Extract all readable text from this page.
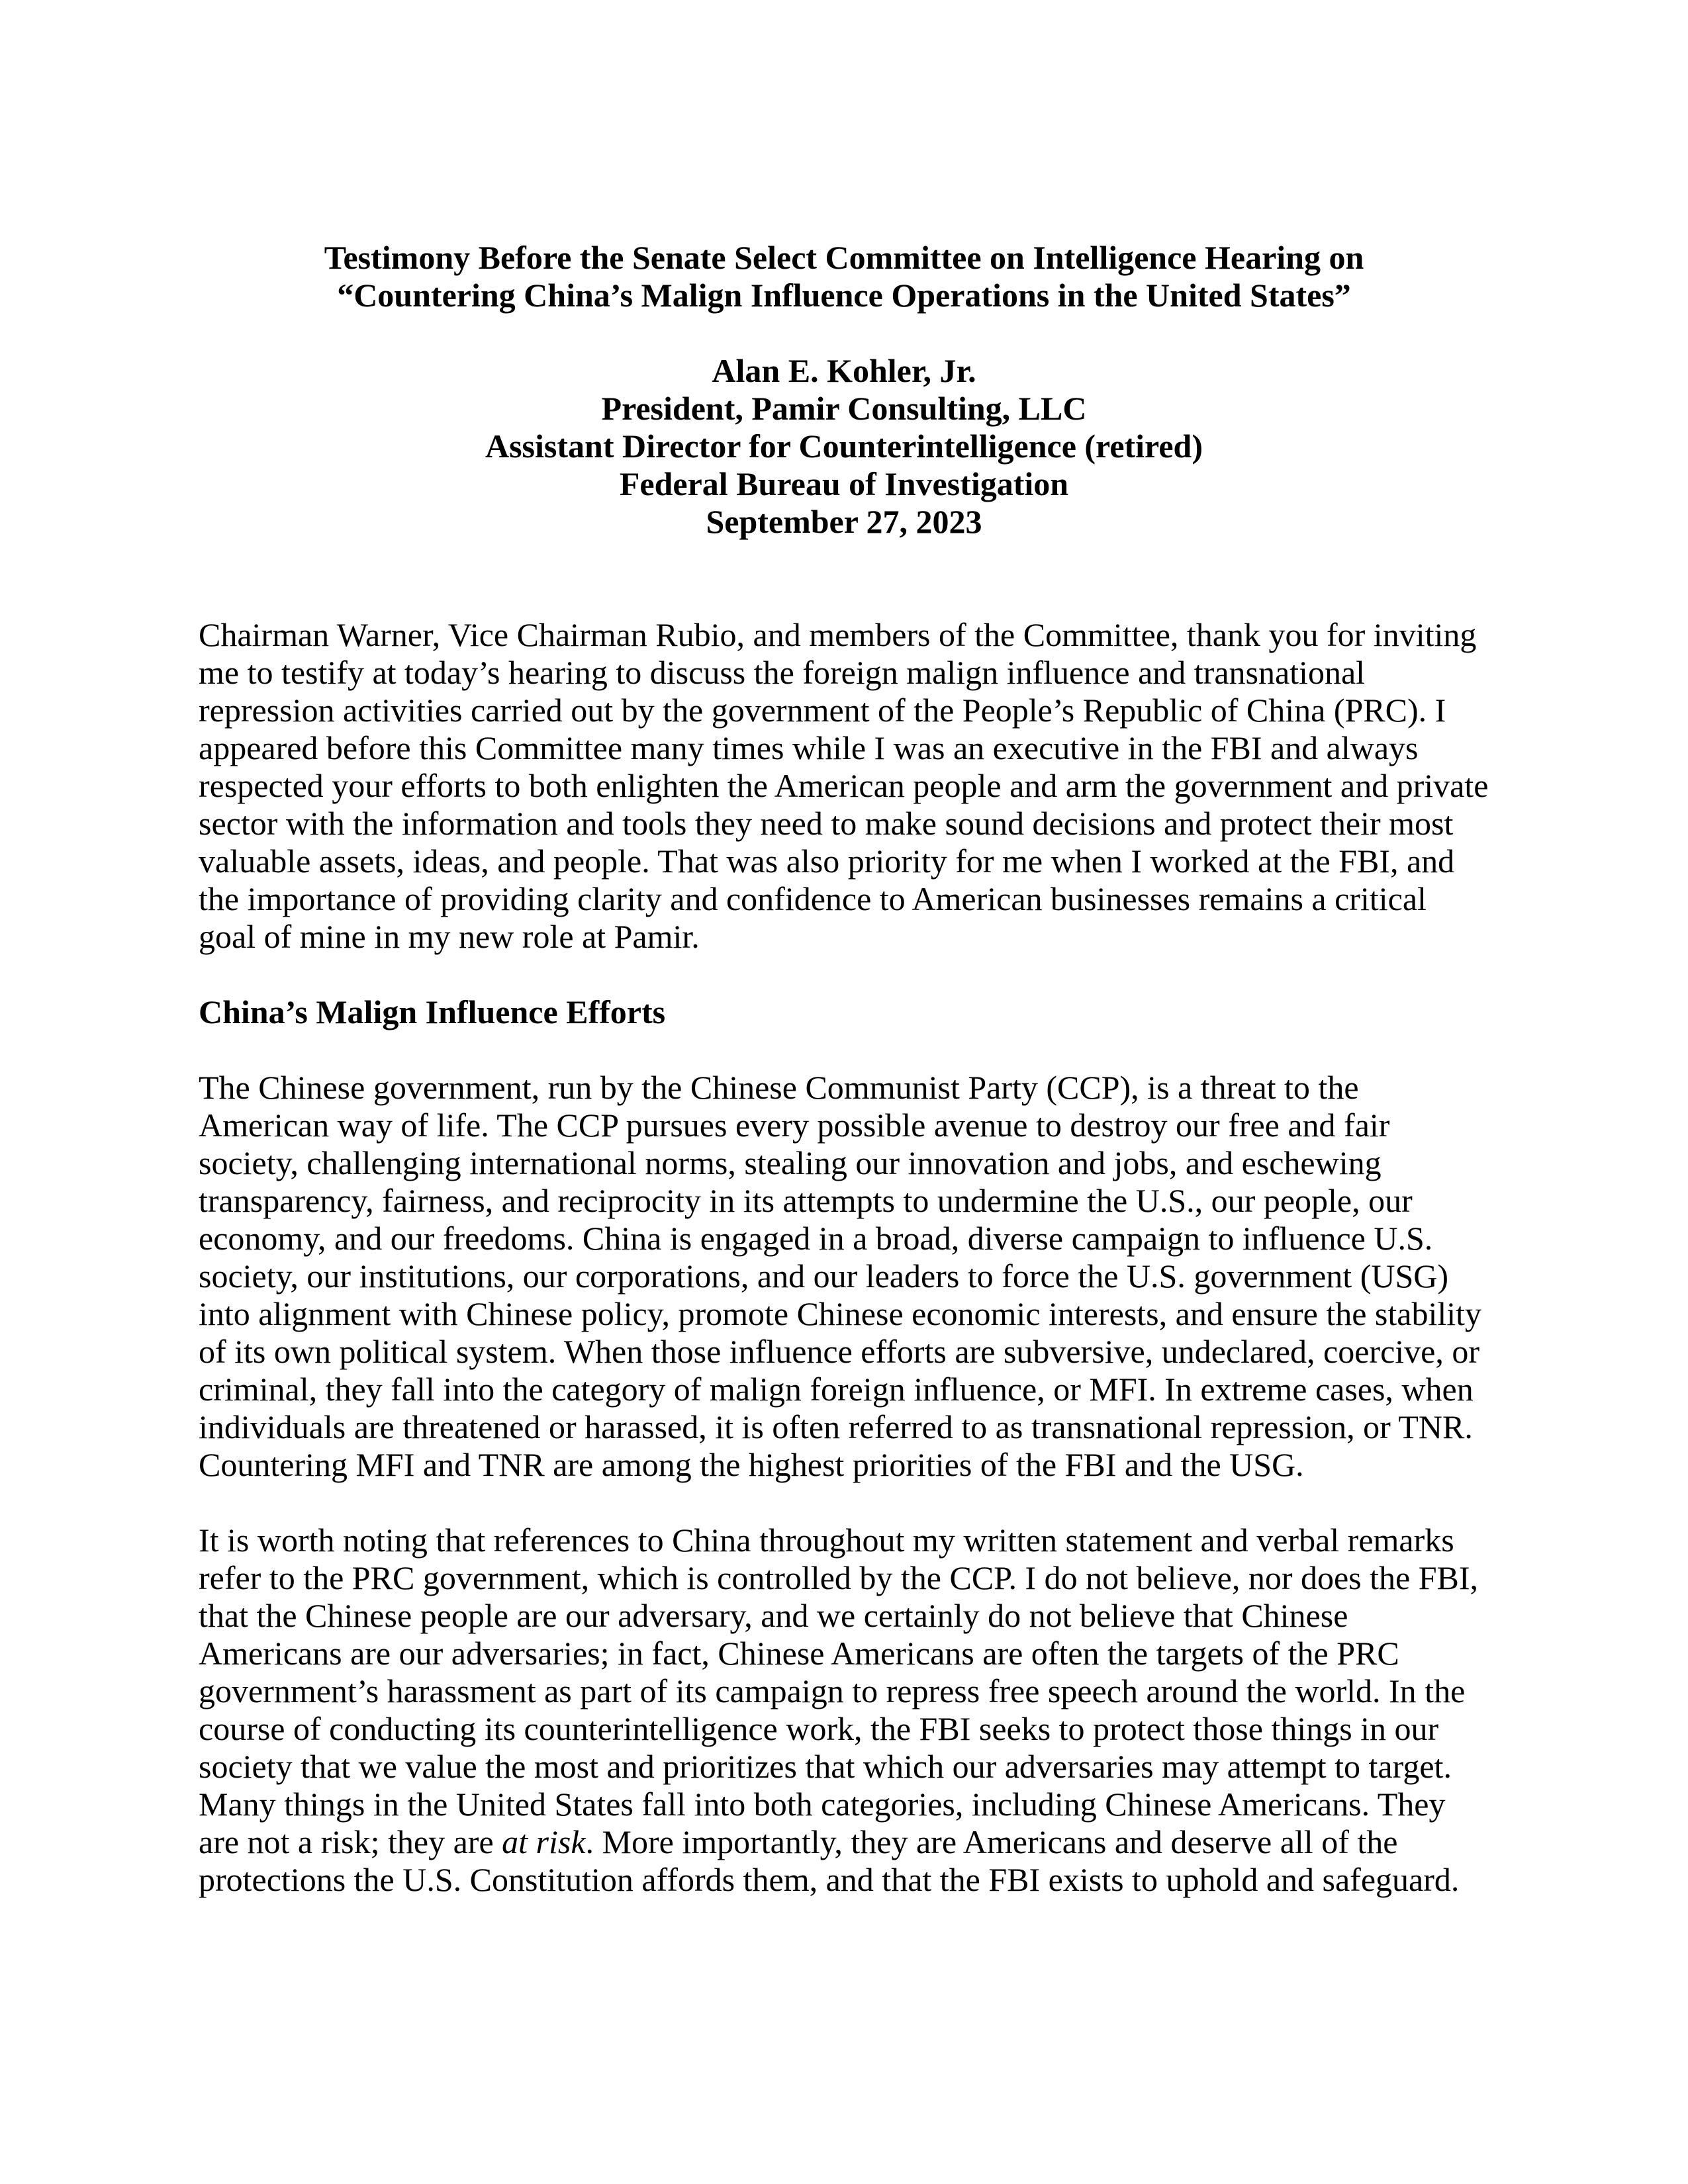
Testimony Before the Senate Select Committee on Intelligence Hearing on

“Countering China’s Malign Influence Operations in the United States”

Alan E. Kohler, Jr.

President, Pamir Consulting, LLC

Assistant Director for Counterintelligence (retired)

Federal Bureau of Investigation

September 27, 2023

Chairman Warner, Vice Chairman Rubio, and members of the Committee, thank you for inviting me to testify at today’s hearing to discuss the foreign malign influence and transnational repression activities carried out by the government of the People’s Republic of China (PRC). I appeared before this Committee many times while I was an executive in the FBI and always respected your efforts to both enlighten the American people and arm the government and private sector with the information and tools they need to make sound decisions and protect their most valuable assets, ideas, and people. That was also priority for me when I worked at the FBI, and the importance of providing clarity and confidence to American businesses remains a critical goal of mine in my new role at Pamir.

China’s Malign Influence Efforts

The Chinese government, run by the Chinese Communist Party (CCP), is a threat to the American way of life. The CCP pursues every possible avenue to destroy our free and fair society, challenging international norms, stealing our innovation and jobs, and eschewing transparency, fairness, and reciprocity in its attempts to undermine the U.S., our people, our economy, and our freedoms. China is engaged in a broad, diverse campaign to influence U.S. society, our institutions, our corporations, and our leaders to force the U.S. government (USG) into alignment with Chinese policy, promote Chinese economic interests, and ensure the stability of its own political system. When those influence efforts are subversive, undeclared, coercive, or criminal, they fall into the category of malign foreign influence, or MFI. In extreme cases, when individuals are threatened or harassed, it is often referred to as transnational repression, or TNR. Countering MFI and TNR are among the highest priorities of the FBI and the USG.

It is worth noting that references to China throughout my written statement and verbal remarks refer to the PRC government, which is controlled by the CCP. I do not believe, nor does the FBI, that the Chinese people are our adversary, and we certainly do not believe that Chinese Americans are our adversaries; in fact, Chinese Americans are often the targets of the PRC government’s harassment as part of its campaign to repress free speech around the world. In the course of conducting its counterintelligence work, the FBI seeks to protect those things in our society that we value the most and prioritizes that which our adversaries may attempt to target. Many things in the United States fall into both categories, including Chinese Americans. They are not a risk; they are at risk. More importantly, they are Americans and deserve all of the protections the U.S. Constitution affords them, and that the FBI exists to uphold and safeguard.
